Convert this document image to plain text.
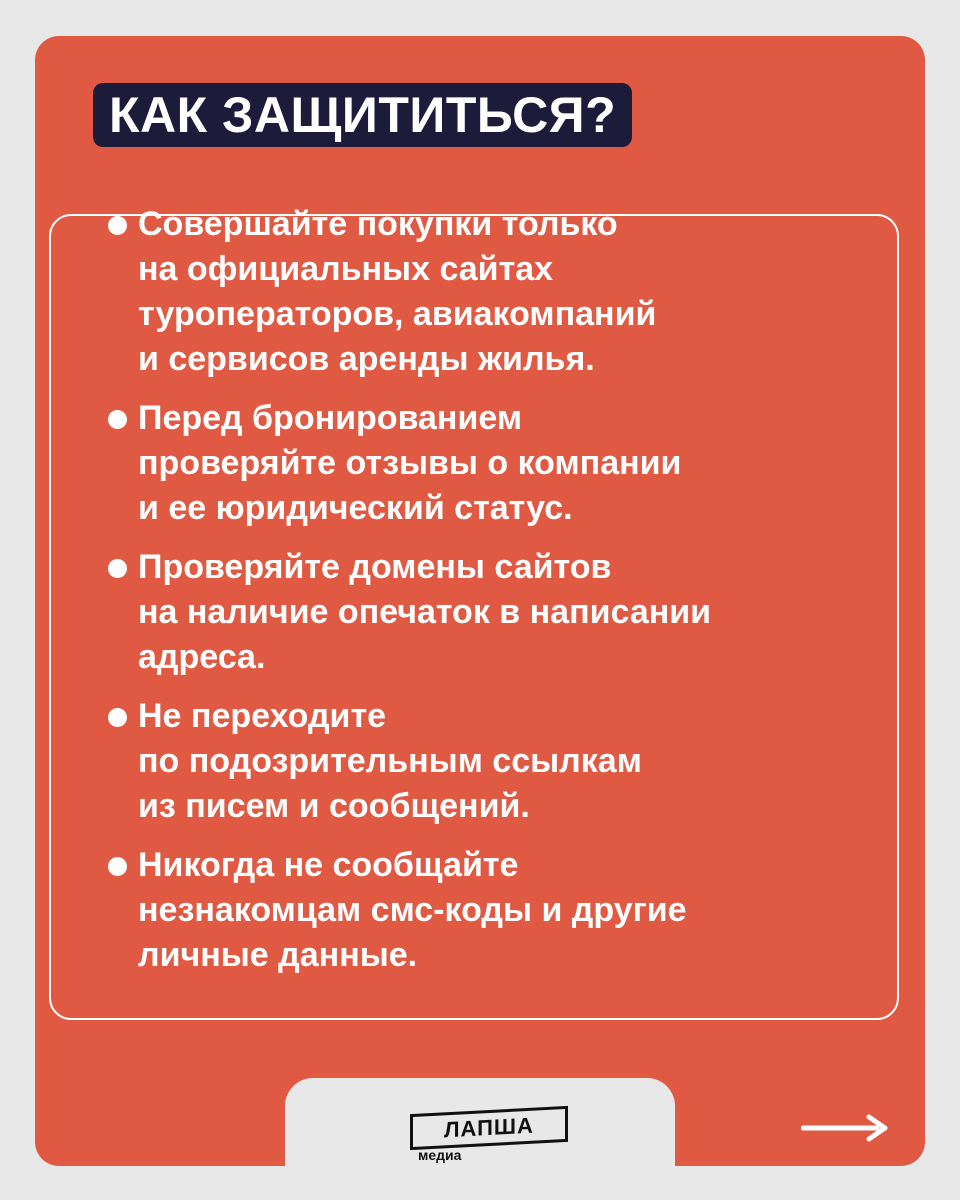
КАК ЗАЩИТИТЬСЯ?
Совершайте покупки только
на официальных сайтах
туроператоров, авиакомпаний
и сервисов аренды жилья.
Перед бронированием
проверяйте отзывы о компании
и ее юридический статус.
Проверяйте домены сайтов
на наличие опечаток в написании
адреса.
Не переходите
по подозрительным ссылкам
из писем и сообщений.
Никогда не сообщайте
незнакомцам смс-коды и другие
личные данные.
ЛАПША
медиа
